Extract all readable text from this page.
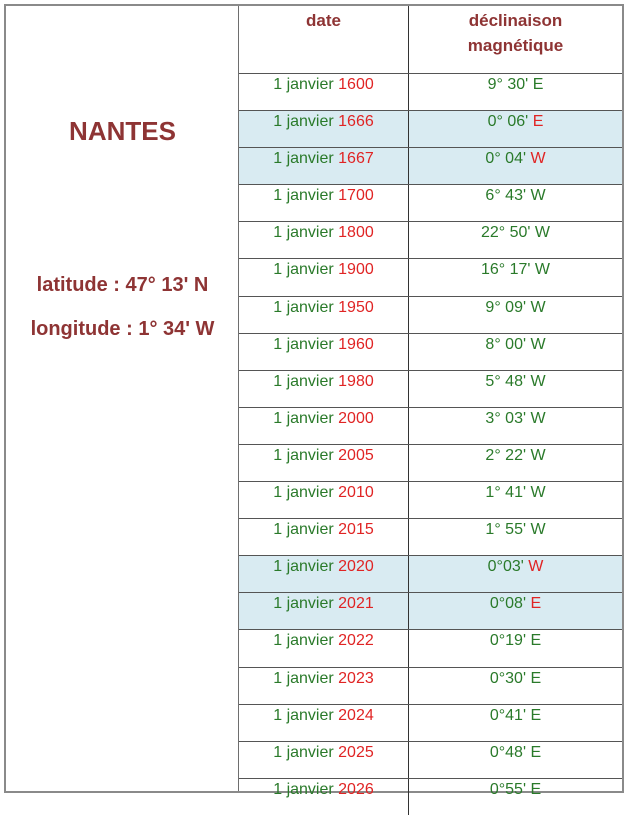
NANTES
latitude : 47° 13' N
longitude : 1° 34' W
date	déclinaison
magnétique
1 janvier 1600	9° 30' E
1 janvier 1666	0° 06' E
1 janvier 1667	0° 04' W
1 janvier 1700	6° 43' W
1 janvier 1800	22° 50' W
1 janvier 1900	16° 17' W
1 janvier 1950	9° 09' W
1 janvier 1960	8° 00' W
1 janvier 1980	5° 48' W
1 janvier 2000	3° 03' W
1 janvier 2005	2° 22' W
1 janvier 2010	1° 41' W
1 janvier 2015	1° 55' W
1 janvier 2020	0°03' W
1 janvier 2021	0°08' E
1 janvier 2022	0°19' E
1 janvier 2023	0°30' E
1 janvier 2024	0°41' E
1 janvier 2025	0°48' E
1 janvier 2026	0°55' E
